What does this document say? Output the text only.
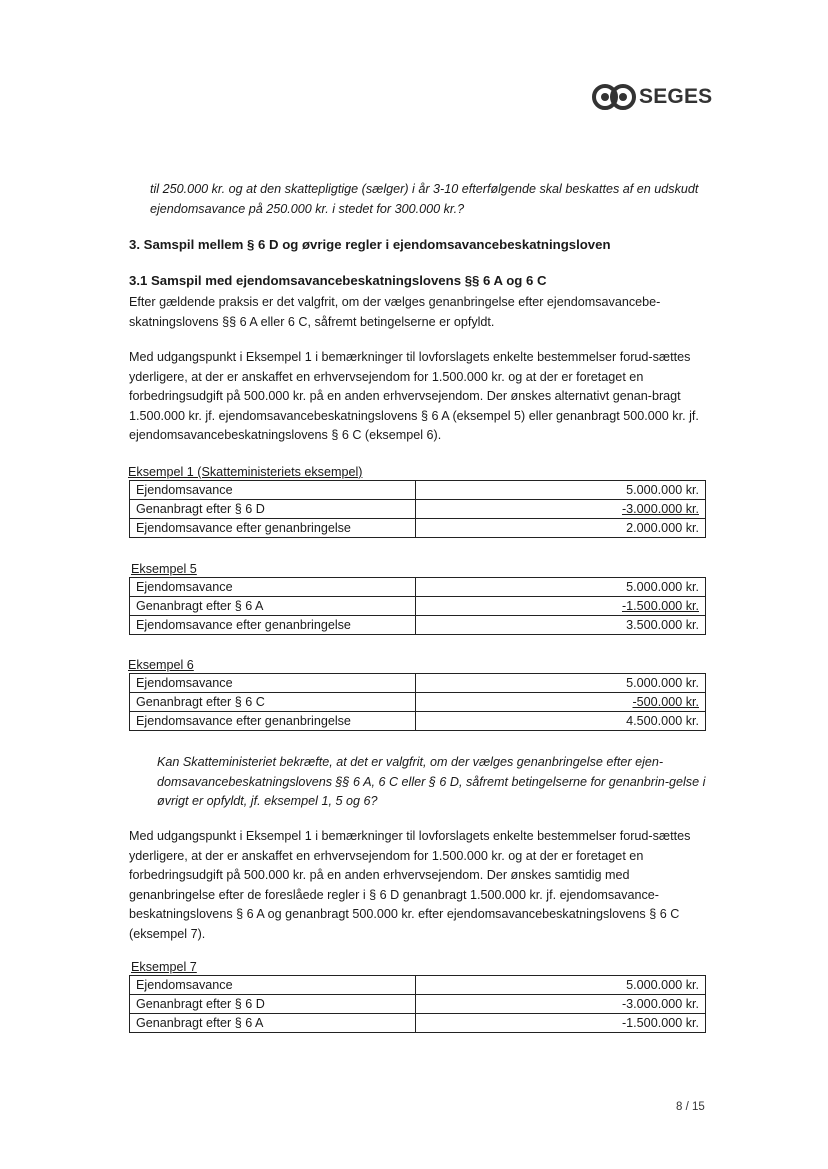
SEGES
til 250.000 kr. og at den skattepligtige (sælger) i år 3-10 efterfølgende skal beskattes af en udskudt ejendomsavance på 250.000 kr. i stedet for 300.000 kr.?
3. Samspil mellem § 6 D og øvrige regler i ejendomsavancebeskatningsloven
3.1 Samspil med ejendomsavancebeskatningslovens §§ 6 A og 6 C
Efter gældende praksis er det valgfrit, om der vælges genanbringelse efter ejendomsavancebe-skatningslovens §§ 6 A eller 6 C, såfremt betingelserne er opfyldt.
Med udgangspunkt i Eksempel 1 i bemærkninger til lovforslagets enkelte bestemmelser forud-sættes yderligere, at der er anskaffet en erhvervsejendom for 1.500.000 kr. og at der er foretaget en forbedringsudgift på 500.000 kr. på en anden erhvervsejendom. Der ønskes alternativt genan-bragt 1.500.000 kr. jf. ejendomsavancebeskatningslovens § 6 A (eksempel 5) eller genanbragt 500.000 kr. jf. ejendomsavancebeskatningslovens § 6 C (eksempel 6).
Eksempel 1 (Skatteministeriets eksempel)
Ejendomsavance	5.000.000 kr.
Genanbragt efter § 6 D	-3.000.000 kr.
Ejendomsavance efter genanbringelse	2.000.000 kr.
Eksempel 5
Ejendomsavance	5.000.000 kr.
Genanbragt efter § 6 A	-1.500.000 kr.
Ejendomsavance efter genanbringelse	3.500.000 kr.
Eksempel 6
Ejendomsavance	5.000.000 kr.
Genanbragt efter § 6 C	-500.000 kr.
Ejendomsavance efter genanbringelse	4.500.000 kr.
Kan Skatteministeriet bekræfte, at det er valgfrit, om der vælges genanbringelse efter ejen-domsavancebeskatningslovens §§ 6 A, 6 C eller § 6 D, såfremt betingelserne for genanbrin-gelse i øvrigt er opfyldt, jf. eksempel 1, 5 og 6?
Med udgangspunkt i Eksempel 1 i bemærkninger til lovforslagets enkelte bestemmelser forud-sættes yderligere, at der er anskaffet en erhvervsejendom for 1.500.000 kr. og at der er foretaget en forbedringsudgift på 500.000 kr. på en anden erhvervsejendom. Der ønskes samtidig med genanbringelse efter de foreslåede regler i § 6 D genanbragt 1.500.000 kr. jf. ejendomsavance-beskatningslovens § 6 A og genanbragt 500.000 kr. efter ejendomsavancebeskatningslovens § 6 C (eksempel 7).
Eksempel 7
Ejendomsavance	5.000.000 kr.
Genanbragt efter § 6 D	-3.000.000 kr.
Genanbragt efter § 6 A	-1.500.000 kr.
8 / 15
